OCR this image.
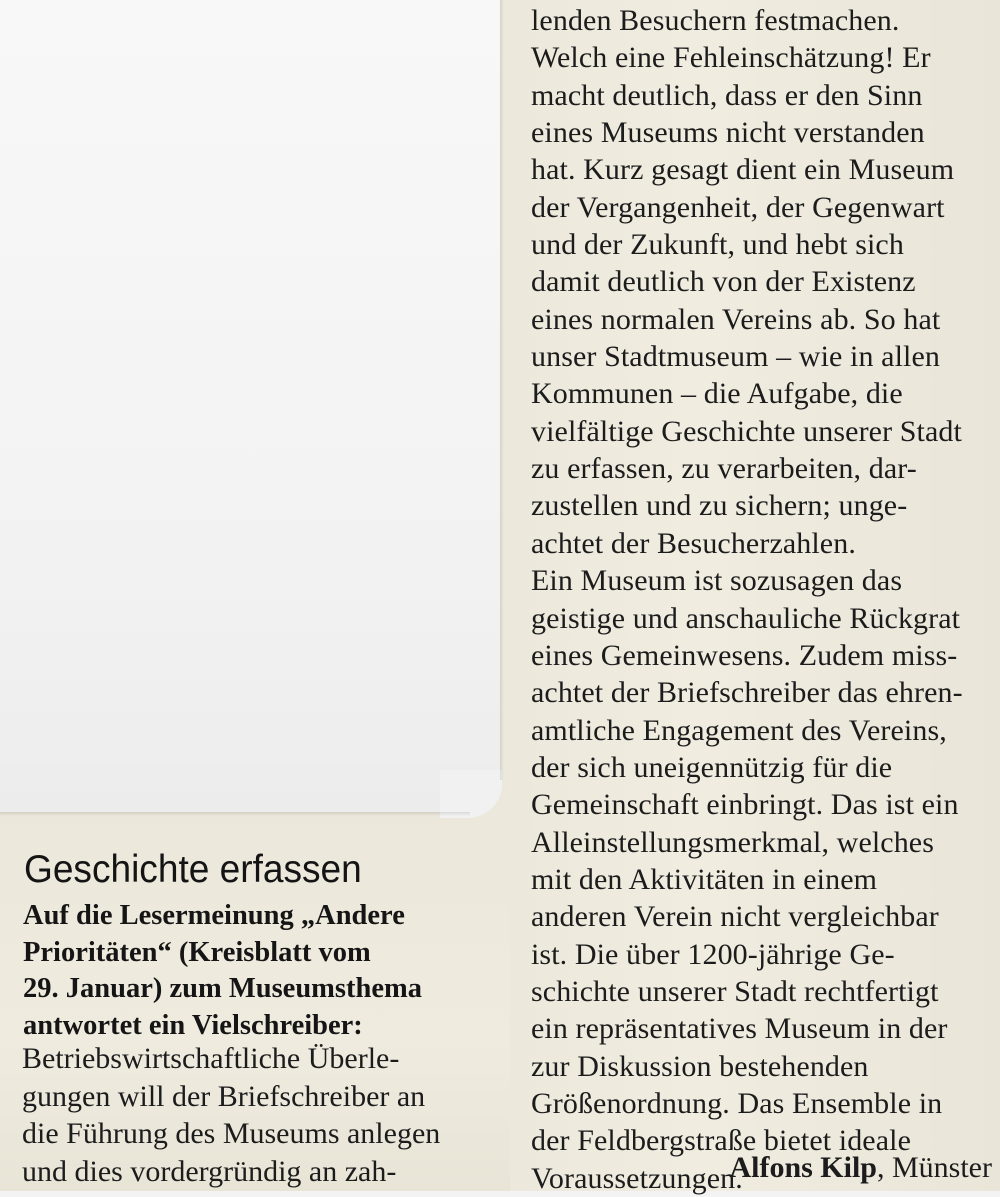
lenden Besuchern festmachen.
Welch eine Fehleinschätzung! Er
macht deutlich, dass er den Sinn
eines Museums nicht verstanden
hat. Kurz gesagt dient ein Museum
der Vergangenheit, der Gegenwart
und der Zukunft, und hebt sich
damit deutlich von der Existenz
eines normalen Vereins ab. So hat
unser Stadtmuseum – wie in allen
Kommunen – die Aufgabe, die
vielfältige Geschichte unserer Stadt
zu erfassen, zu verarbeiten, dar-
zustellen und zu sichern; unge-
achtet der Besucherzahlen.
Ein Museum ist sozusagen das
geistige und anschauliche Rückgrat
eines Gemeinwesens. Zudem miss-
achtet der Briefschreiber das ehren-
amtliche Engagement des Vereins,
der sich uneigennützig für die
Gemeinschaft einbringt. Das ist ein
Alleinstellungsmerkmal, welches
mit den Aktivitäten in einem
anderen Verein nicht vergleichbar
ist. Die über 1200-jährige Ge-
schichte unserer Stadt rechtfertigt
ein repräsentatives Museum in der
zur Diskussion bestehenden
Größenordnung. Das Ensemble in
der Feldbergstraße bietet ideale
Voraussetzungen.
Alfons Kilp, Münster
Geschichte erfassen
Auf die Lesermeinung „Andere
Prioritäten“ (Kreisblatt vom
29. Januar) zum Museumsthema
antwortet ein Vielschreiber:
Betriebswirtschaftliche Überle-
gungen will der Briefschreiber an
die Führung des Museums anlegen
und dies vordergründig an zah-
